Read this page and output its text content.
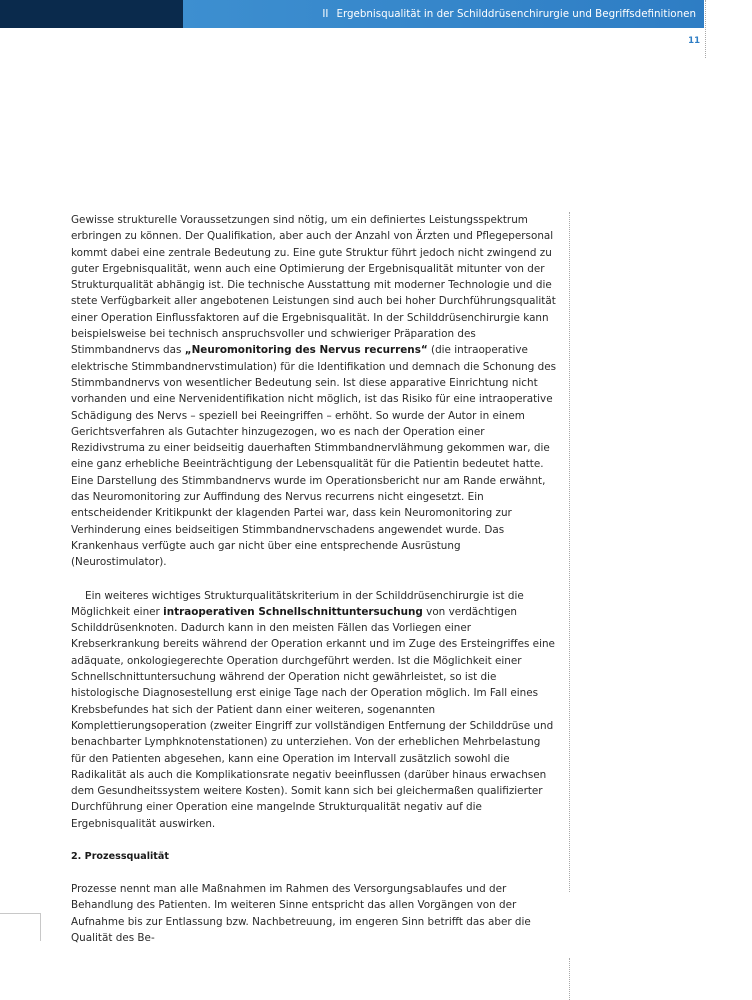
II Ergebnisqualität in der Schilddrüsenchirurgie und Begriffsdefinitionen
11

Gewisse strukturelle Voraussetzungen sind nötig, um ein definiertes Leistungsspektrum erbringen zu können. Der Qualifikation, aber auch der Anzahl von Ärzten und Pflegepersonal kommt dabei eine zentrale Bedeutung zu. Eine gute Struktur führt jedoch nicht zwingend zu guter Ergebnisqualität, wenn auch eine Optimierung der Ergebnisqualität mitunter von der Strukturqualität abhängig ist. Die technische Ausstattung mit moderner Technologie und die stete Verfügbarkeit aller angebotenen Leistungen sind auch bei hoher Durchführungsqualität einer Operation Einflussfaktoren auf die Ergebnisqualität. In der Schilddrüsenchirurgie kann beispielsweise bei technisch anspruchsvoller und schwieriger Präparation des Stimmbandnervs das „Neuromonitoring des Nervus recurrens“ (die intraoperative elektrische Stimmbandnervstimulation) für die Identifikation und demnach die Schonung des Stimmbandnervs von wesentlicher Bedeutung sein. Ist diese apparative Einrichtung nicht vorhanden und eine Nervenidentifikation nicht möglich, ist das Risiko für eine intraoperative Schädigung des Nervs – speziell bei Reeingriffen – erhöht. So wurde der Autor in einem Gerichtsverfahren als Gutachter hinzugezogen, wo es nach der Operation einer Rezidivstruma zu einer beidseitig dauerhaften Stimmbandnervlähmung gekommen war, die eine ganz erhebliche Beeinträchtigung der Lebensqualität für die Patientin bedeutet hatte. Eine Darstellung des Stimmbandnervs wurde im Operationsbericht nur am Rande erwähnt, das Neuromonitoring zur Auffindung des Nervus recurrens nicht eingesetzt. Ein entscheidender Kritikpunkt der klagenden Partei war, dass kein Neuromonitoring zur Verhinderung eines beidseitigen Stimmbandnervschadens angewendet wurde. Das Krankenhaus verfügte auch gar nicht über eine entsprechende Ausrüstung (Neurostimulator).

Ein weiteres wichtiges Strukturqualitätskriterium in der Schilddrüsenchirurgie ist die Möglichkeit einer intraoperativen Schnellschnittuntersuchung von verdächtigen Schilddrüsenknoten. Dadurch kann in den meisten Fällen das Vorliegen einer Krebserkrankung bereits während der Operation erkannt und im Zuge des Ersteingriffes eine adäquate, onkologiegerechte Operation durchgeführt werden. Ist die Möglichkeit einer Schnellschnittuntersuchung während der Operation nicht gewährleistet, so ist die histologische Diagnosestellung erst einige Tage nach der Operation möglich. Im Fall eines Krebsbefundes hat sich der Patient dann einer weiteren, sogenannten Komplettierungsoperation (zweiter Eingriff zur vollständigen Entfernung der Schilddrüse und benachbarter Lymphknotenstationen) zu unterziehen. Von der erheblichen Mehrbelastung für den Patienten abgesehen, kann eine Operation im Intervall zusätzlich sowohl die Radikalität als auch die Komplikationsrate negativ beeinflussen (darüber hinaus erwachsen dem Gesundheitssystem weitere Kosten). Somit kann sich bei gleichermaßen qualifizierter Durchführung einer Operation eine mangelnde Strukturqualität negativ auf die Ergebnisqualität auswirken.

2. Prozessqualität

Prozesse nennt man alle Maßnahmen im Rahmen des Versorgungsablaufes und der Behandlung des Patienten. Im weiteren Sinne entspricht das allen Vorgängen von der Aufnahme bis zur Entlassung bzw. Nachbetreuung, im engeren Sinn betrifft das aber die Qualität des Be-
